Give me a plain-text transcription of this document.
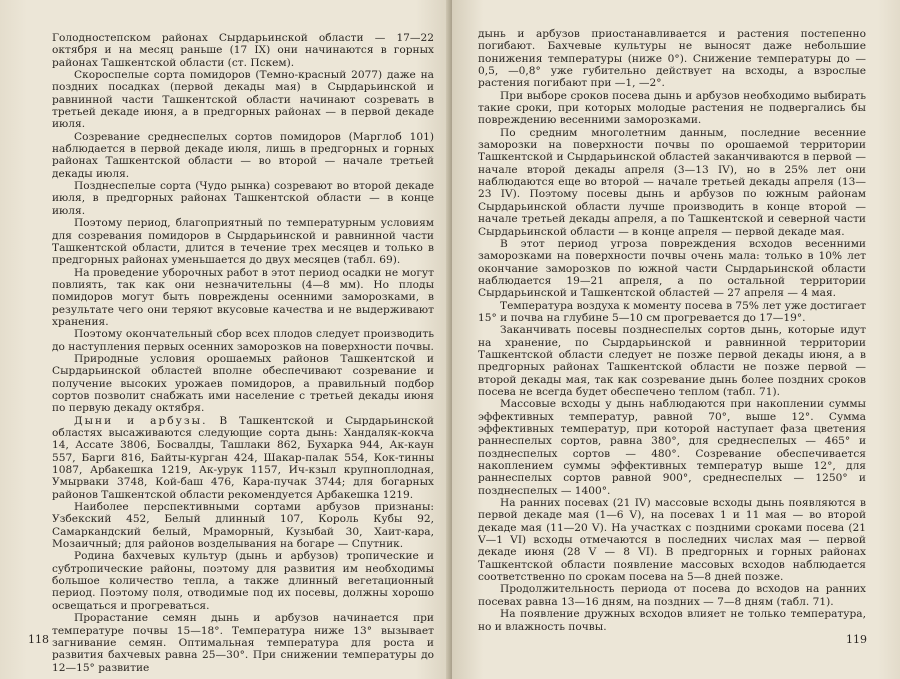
Голодностепском районах Сырдарьинской области — 17—22 октября и на месяц раньше (17 IX) они начинаются в горных районах Ташкентской области (ст. Пскем).

Скороспелые сорта помидоров (Темно-красный 2077) даже на поздних посадках (первой декады мая) в Сырдарьинской и равнинной части Ташкентской области начинают созревать в третьей декаде июня, а в предгорных районах — в первой декаде июля.

Созревание среднеспелых сортов помидоров (Марглоб 101) наблюдается в первой декаде июля, лишь в предгорных и горных районах Ташкентской области — во второй — начале третьей декады июля.

Позднеспелые сорта (Чудо рынка) созревают во второй декаде июля, в предгорных районах Ташкентской области — в конце июля.

Поэтому период, благоприятный по температурным условиям для созревания помидоров в Сырдарьинской и равнинной части Ташкентской области, длится в течение трех месяцев и только в предгорных районах уменьшается до двух месяцев (табл. 69).

На проведение уборочных работ в этот период осадки не могут повлиять, так как они незначительны (4—8 мм). Но плоды помидоров могут быть повреждены осенними заморозками, в результате чего они теряют вкусовые качества и не выдерживают хранения.

Поэтому окончательный сбор всех плодов следует производить до наступления первых осенних заморозков на поверхности почвы.

Природные условия орошаемых районов Ташкентской и Сырдарьинской областей вполне обеспечивают созревание и получение высоких урожаев помидоров, а правильный подбор сортов позволит снабжать ими население с третьей декады июня по первую декаду октября.

Дыни и арбузы. В Ташкентской и Сырдарьинской областях высаживаются следующие сорта дынь: Хандаляк-кокча 14, Ассате 3806, Босвалды, Ташлаки 862, Бухарка 944, Ак-каун 557, Барги 816, Байты-курган 424, Шакар-палак 554, Кок-тинны 1087, Арбакешка 1219, Ак-урук 1157, Ич-кзыл крупноплодная, Умырваки 3748, Кой-баш 476, Кара-пучак 3744; для богарных районов Ташкентской области рекомендуется Арбакешка 1219.

Наиболее перспективными сортами арбузов признаны: Узбекский 452, Белый длинный 107, Король Кубы 92, Самаркандский белый, Мраморный, Кузыбай 30, Хаит-кара, Мозаичный; для районов возделывания на богаре — Спутник.

Родина бахчевых культур (дынь и арбузов) тропические и субтропические районы, поэтому для развития им необходимы большое количество тепла, а также длинный вегетационный период. Поэтому поля, отводимые под их посевы, должны хорошо освещаться и прогреваться.

Прорастание семян дынь и арбузов начинается при температуре почвы 15—18°. Температура ниже 13° вызывает загнивание семян. Оптимальная температура для роста и развития бахчевых равна 25—30°. При снижении температуры до 12—15° развитие

118

дынь и арбузов приостанавливается и растения постепенно погибают. Бахчевые культуры не выносят даже небольшие понижения температуры (ниже 0°). Снижение температуры до —0,5, —0,8° уже губительно действует на всходы, а взрослые растения погибают при —1, —2°.

При выборе сроков посева дынь и арбузов необходимо выбирать такие сроки, при которых молодые растения не подвергались бы повреждению весенними заморозками.

По средним многолетним данным, последние весенние заморозки на поверхности почвы по орошаемой территории Ташкентской и Сырдарьинской областей заканчиваются в первой — начале второй декады апреля (3—13 IV), но в 25% лет они наблюдаются еще во второй — начале третьей декады апреля (13—23 IV). Поэтому посевы дынь и арбузов по южным районам Сырдарьинской области лучше производить в конце второй — начале третьей декады апреля, а по Ташкентской и северной части Сырдарьинской области — в конце апреля — первой декаде мая.

В этот период угроза повреждения всходов весенними заморозками на поверхности почвы очень мала: только в 10% лет окончание заморозков по южной части Сырдарьинской области наблюдается 19—21 апреля, а по остальной территории Сырдарьинской и Ташкентской областей — 27 апреля — 4 мая.

Температура воздуха к моменту посева в 75% лет уже достигает 15° и почва на глубине 5—10 см прогревается до 17—19°.

Заканчивать посевы позднеспелых сортов дынь, которые идут на хранение, по Сырдарьинской и равнинной территории Ташкентской области следует не позже первой декады июня, а в предгорных районах Ташкентской области не позже первой — второй декады мая, так как созревание дынь более поздних сроков посева не всегда будет обеспечено теплом (табл. 71).

Массовые всходы у дынь наблюдаются при накоплении суммы эффективных температур, равной 70°, выше 12°. Сумма эффективных температур, при которой наступает фаза цветения раннеспелых сортов, равна 380°, для среднеспелых — 465° и позднеспелых сортов — 480°. Созревание обеспечивается накоплением суммы эффективных температур выше 12°, для раннеспелых сортов равной 900°, среднеспелых — 1250° и позднеспелых — 1400°.

На ранних посевах (21 IV) массовые всходы дынь появляются в первой декаде мая (1—6 V), на посевах 1 и 11 мая — во второй декаде мая (11—20 V). На участках с поздними сроками посева (21 V—1 VI) всходы отмечаются в последних числах мая — первой декаде июня (28 V — 8 VI). В предгорных и горных районах Ташкентской области появление массовых всходов наблюдается соответственно по срокам посева на 5—8 дней позже.

Продолжительность периода от посева до всходов на ранних посевах равна 13—16 дням, на поздних — 7—8 дням (табл. 71).

На появление дружных всходов влияет не только температура, но и влажность почвы.

119
